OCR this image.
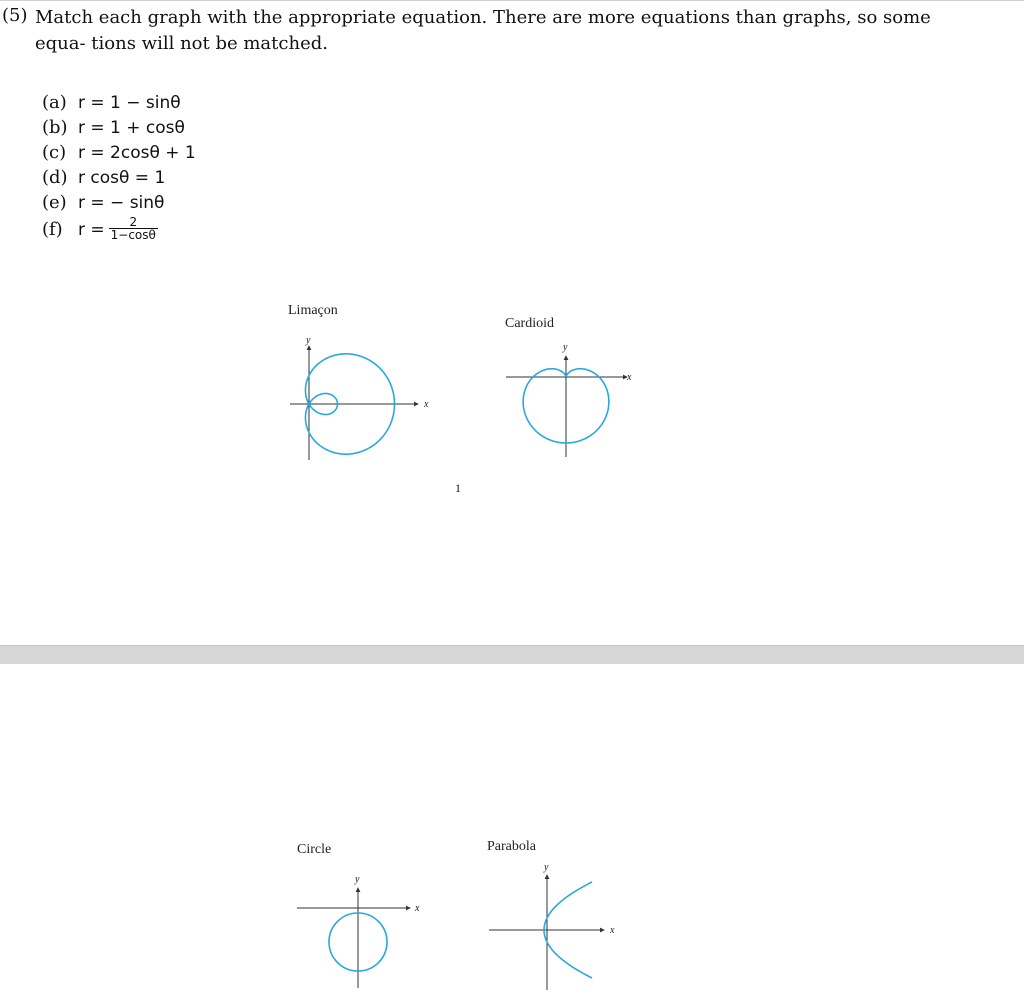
(5) Match each graph with the appropriate equation. There are more equations than graphs, so some equa- tions will not be matched.
(a) r = 1 − sinθ
(b) r = 1 + cosθ
(c) r = 2cosθ + 1
(d) r cosθ = 1
(e) r = − sinθ
(f) $r = \frac{2}{1-\cos\theta}$
Limaçon
Cardioid
1
Circle	Parabola
x
y
x
y
x
y
x
y
